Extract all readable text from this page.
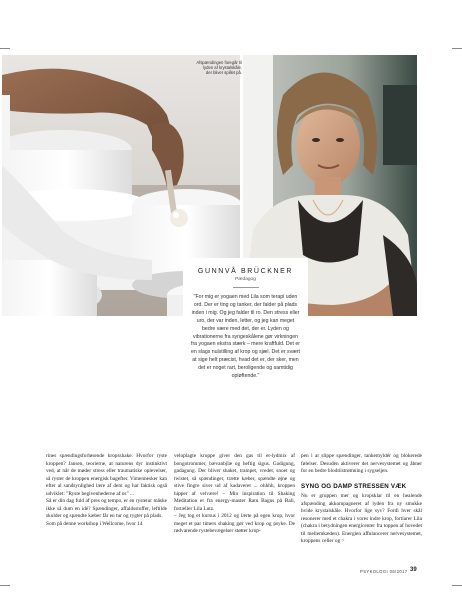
Afspændingen foregår til lyden af krystalskåle, der bliver spillet på.
GUNNVÅ BRÜCKNER
Pædagog
"For mig er yogaen med Lila som terapi uden ord. Der er ting og tanker, der falder på plads inden i mig. Og jeg falder til ro. Den stress eller uro, der var inden, letter, og jeg kan meget bedre være med det, der er. Lyden og vibrationerne fra syngeskålene gør virkningen fra yogaen ekstra stærk – mere kraftfuld. Det er en slags nulstilling af krop og sjæl. Det er svært at sige helt præcist, hvad det er, der sker, men det er noget rart, beroligende og samtidig opløftende."

rines spændingsforløsende kropsshake. Hvorfor ryste kroppen? Jansen, teorierne, at naturens dyr instinktivt ved, at når de møder stress eller traumatiske oplevelser, så ryster de kroppen energisk bagefter. Vimennesker kan efter al sandsynlighed lære af dem og har faktisk også udviklet: "Ryste begivenhederne af os" ...

Så er din dag fuld af pres og tempo, er en rystetur måske ikke så dum en idé? Spændinger, affaldsstoffer, leftilde skulder og spændte kæber får en tur og rygter på plads.

Som på denne workshop i Wellcome, hvor 14

velopl​agte kroppe giver den gas til et-lydmix af bongotrommer, bævanbjlæ og heftig sigus. Gadigung, gadagung. Der bliver shaket, trampet, vredet, snoet og twistet, så spændinger, trætte kæber, spændte øjne og stive fingre siver ud af kadaveret ... ohhhh, kroppen hipper af velvære! – Min inspiration til Shaking Meditation er fra energy-master Ratu Bagus på Bali, fortæller Lila Lutz.

– Jeg tog et kursus i 2012 og lærte på egen krop, hvor meget et par timers shaking gør ved krop og psyke. De rødvarende rystebevægelser støtter krop-

pen i at slippe spændinger, tankemyldér og blokerede følelser. Desuden aktiverer det nervesystemet og åbner for en bedre blodtilstrømning i sygseljen.

SYNG OG DAMP STRESSEN VÆK

Nu er gruppen mer og kropsklar til en healende afspænding akkompagneret af lyden fra ny smukke hvide krystalskåle. Hvorfor lige syv? Fordi hver skål resonerer med et chakra i vores indre krop, fortlarer Lila (chakra i betydningen energicenter fra toppen af hovedet til mellemkæden). Energien affulancerer nervesystemet, kroppens celler og >

PSYKOLOGI 06/2017 39
